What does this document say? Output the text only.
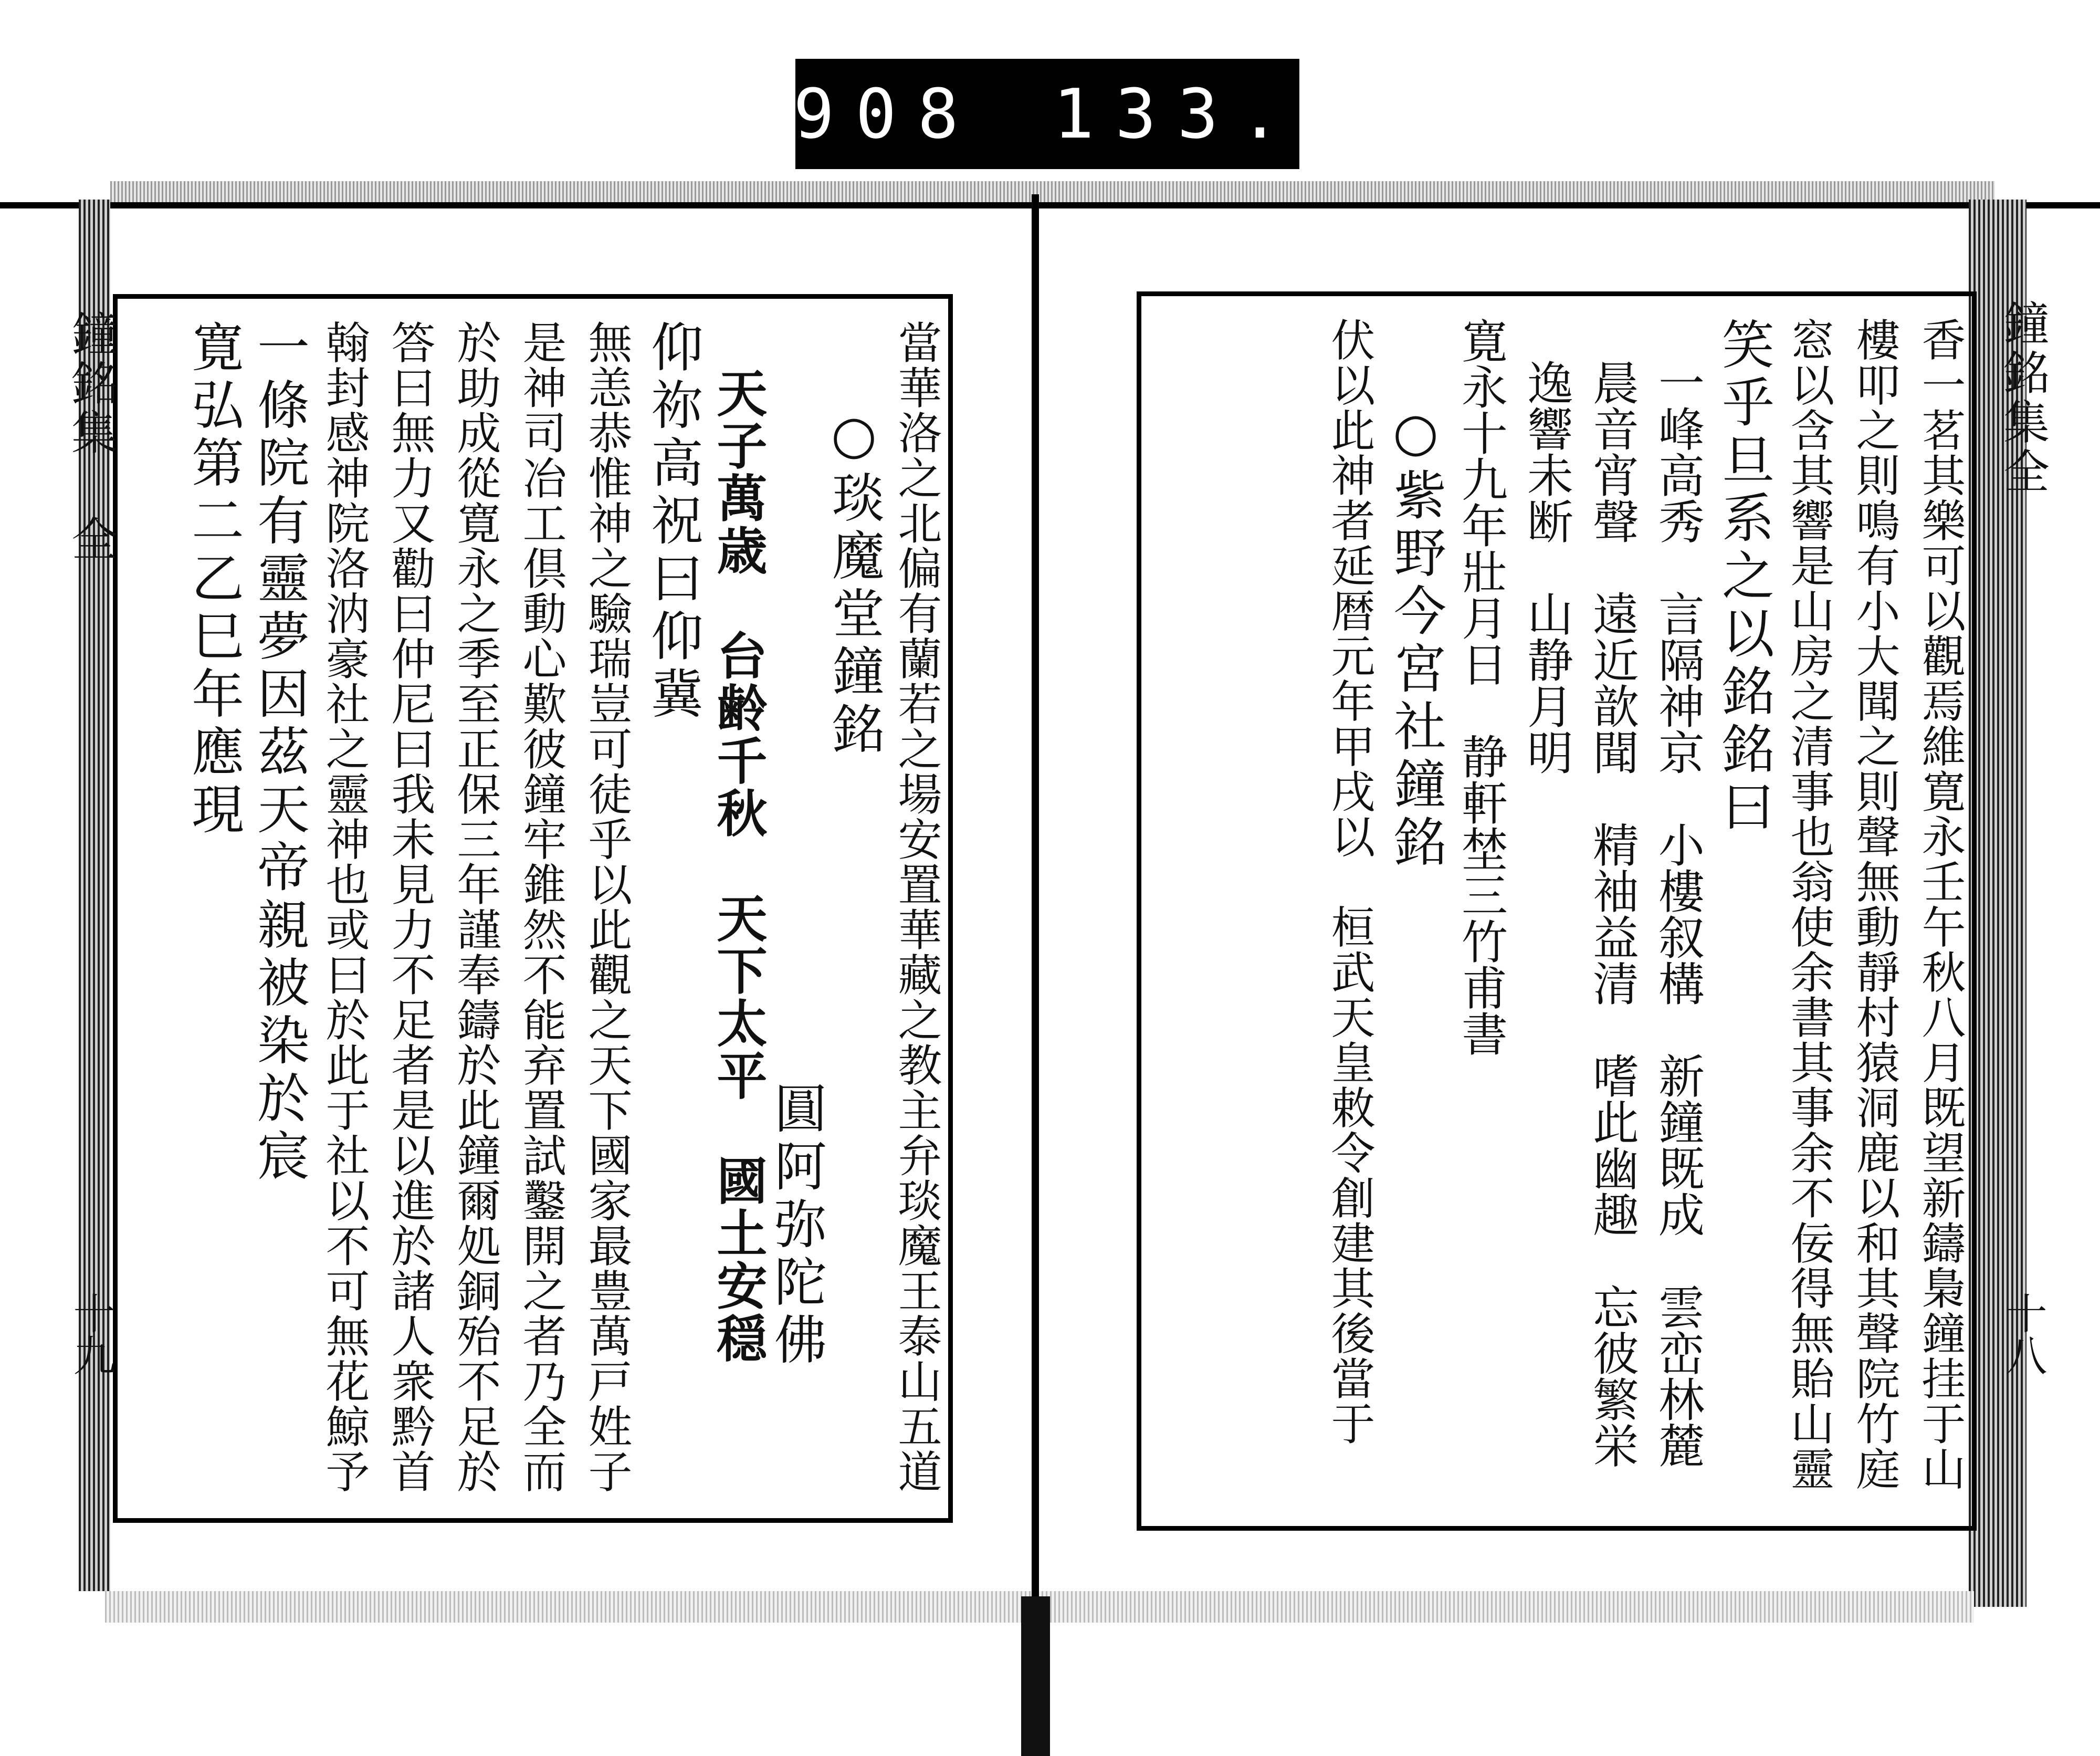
908 133.
寛弘第二乙巳年應現 一條院有靈夢因茲天帝親被染於宸 翰封感神院洛汭豪社之靈神也或曰於此于社以不可無花鯨予 答曰無力又勸曰仲尼曰我未見力不足者是以進於諸人衆黔首 於助成從寛永之季至正保三年謹奉鑄於此鐘爾処銅殆不足於 是神司冶工倶動心歎彼鐘牢錐然不能弃置試鑿開之者乃全而 無恙恭惟神之驗瑞豈可徒乎以此觀之天下國家最豊萬戸姓子 仰祢高祝曰仰冀 天子萬歳　台齢千秋　天下太平　國土安穏
圓阿弥陀佛
○琰魔堂鐘銘 當華洛之北偏有蘭若之場安置華藏之教主弁琰魔王泰山五道
鐘銘集 全
十九	香一茗其樂可以觀焉維寛永壬午秋八月既望新鑄梟鐘挂于山
樓叩之則鳴有小大聞之則聲無動靜村猿洞鹿以和其聲院竹庭
窓以含其響是山房之清事也翁使余書其事余不佞得無貽山靈
笑乎旦系之以銘銘曰
一峰高秀　言隔神京　小樓叙構　新鐘既成　雲峦林麓
晨音宵聲　遠近歆聞　精袖益清　嗜此幽趣　忘彼繁栄
逸響未断　山静月明
寛永十九年壯月日　静軒埜三竹甫書
○紫野今宮社鐘銘
伏以此神者延暦元年甲戌以　桓武天皇敕令創建其後當于	鐘銘集全
十八
